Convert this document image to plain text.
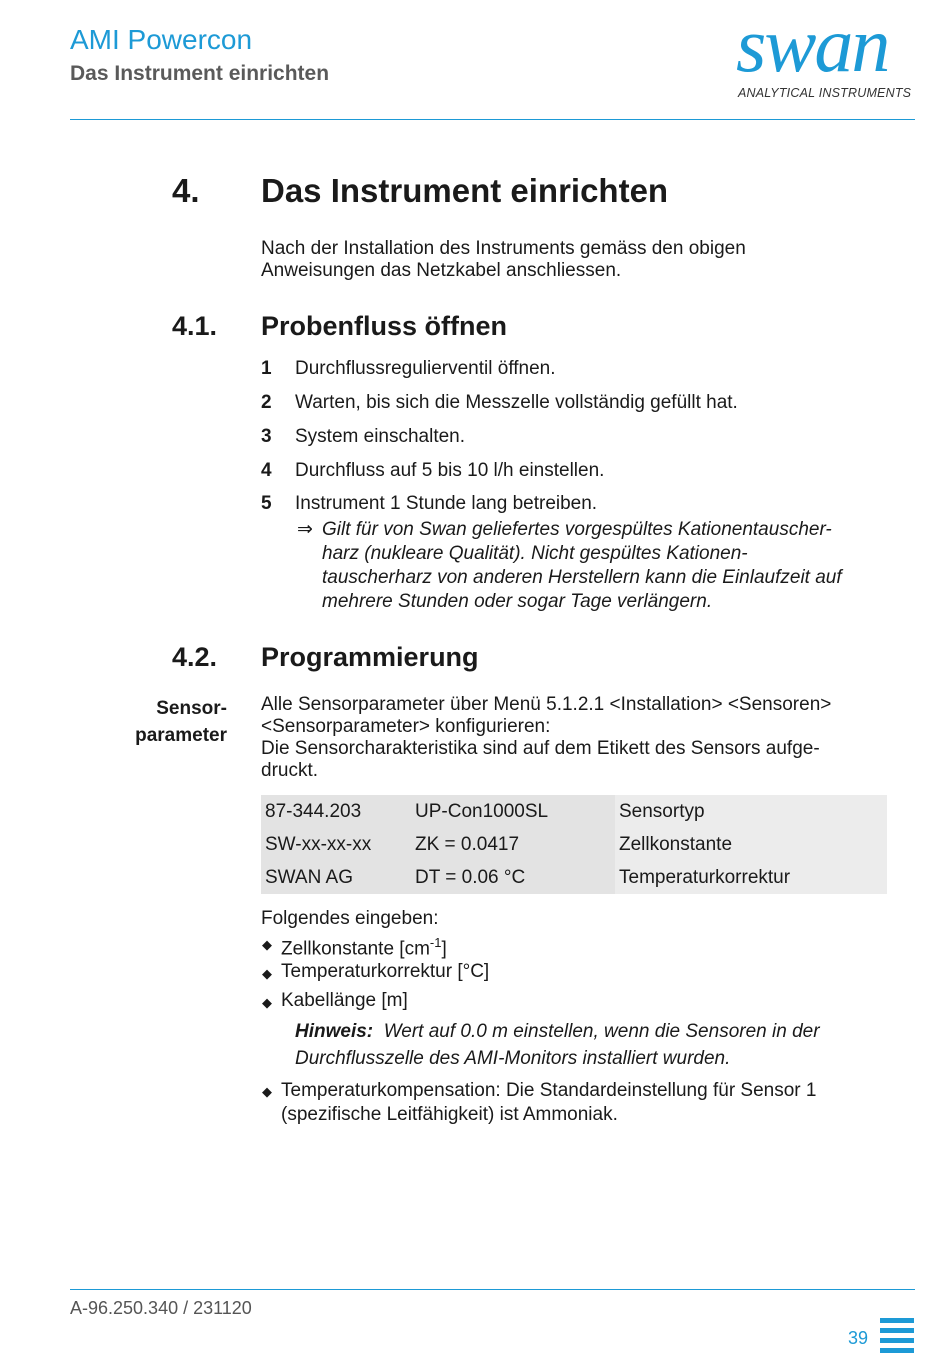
AMI Powercon
Das Instrument einrichten	swan
ANALYTICAL INSTRUMENTS
4. Das Instrument einrichten
Nach der Installation des Instruments gemäss den obigen
Anweisungen das Netzkabel anschliessen.
4.1. Probenfluss öffnen
1 Durchflussregulierventil öffnen.
2 Warten, bis sich die Messzelle vollständig gefüllt hat.
3 System einschalten.
4 Durchfluss auf 5 bis 10 l/h einstellen.
5 Instrument 1 Stunde lang betreiben.
⇒ Gilt für von Swan geliefertes vorgespültes Kationentauscher-
harz (nukleare Qualität). Nicht gespültes Kationen-
tauscherharz von anderen Herstellern kann die Einlaufzeit auf
mehrere Stunden oder sogar Tage verlängern.
4.2. Programmierung
Sensor-
parameter
Alle Sensorparameter über Menü 5.1.2.1 <Installation> <Sensoren>
<Sensorparameter> konfigurieren:
Die Sensorcharakteristika sind auf dem Etikett des Sensors aufge-
druckt.
87-344.203	UP-Con1000SL	Sensortyp
SW-xx-xx-xx	ZK = 0.0417	Zellkonstante
SWAN AG	DT = 0.06 °C	Temperaturkorrektur
Folgendes eingeben:
◆ Zellkonstante $[cm^{-1}]$
◆ Temperaturkorrektur [°C]
◆ Kabellänge [m]
Hinweis: Wert auf 0.0 m einstellen, wenn die Sensoren in der
Durchflusszelle des AMI-Monitors installiert wurden.
◆ Temperaturkompensation: Die Standardeinstellung für Sensor 1
(spezifische Leitfähigkeit) ist Ammoniak.
A-96.250.340 / 231120
39
